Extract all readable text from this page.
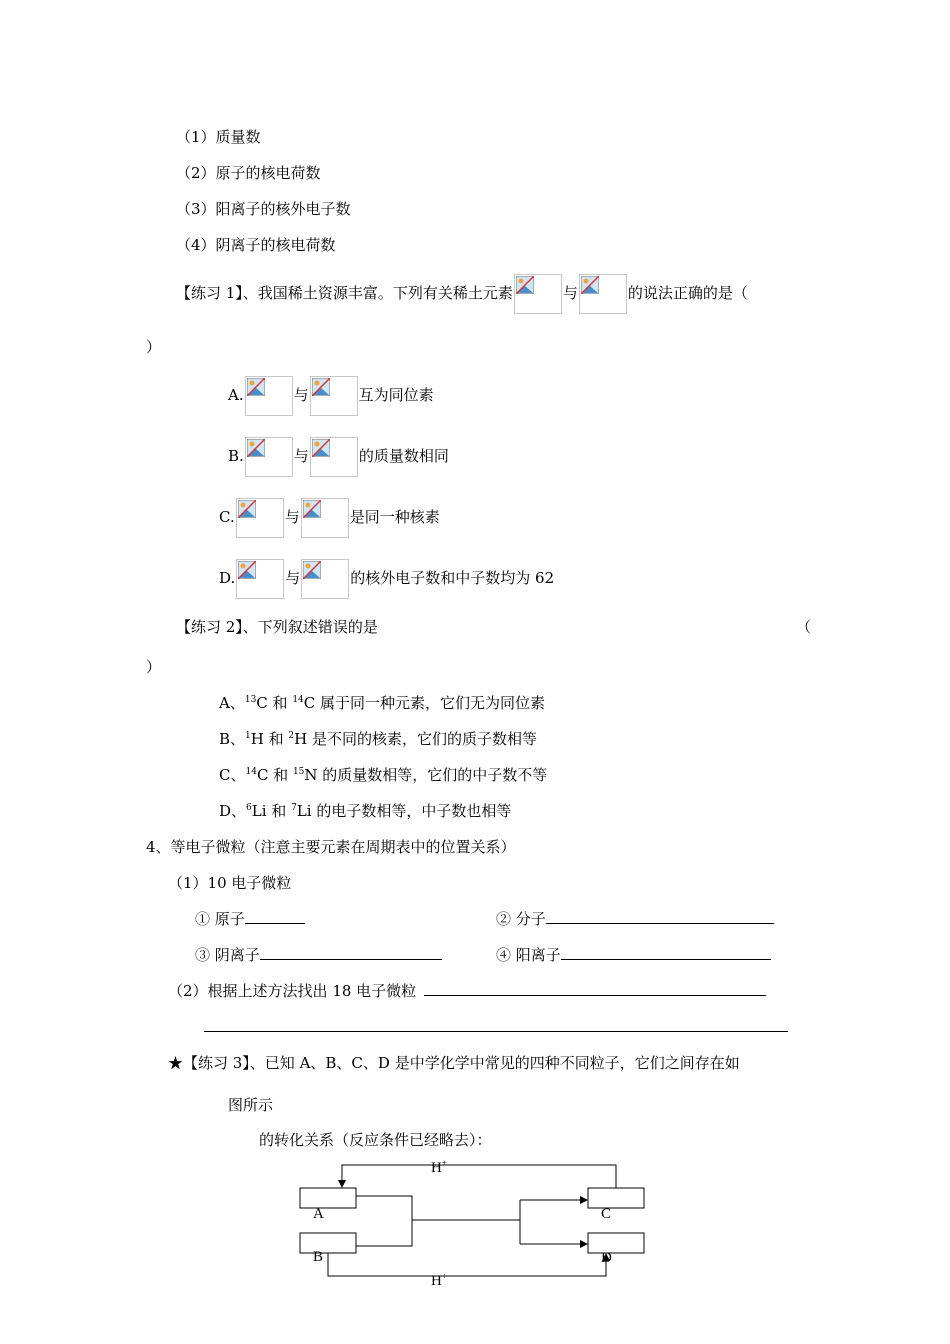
（1）质量数
（2）原子的核电荷数
（3）阳离子的核外电子数
（4）阴离子的核电荷数
【练习 1】、我国稀土资源丰富。下列有关稀土元素	与	的说法正确的是（
）
A.	与	互为同位素
B.	与	的质量数相同
C.	与	是同一种核素
D.	与	的核外电子数和中子数均为 62
【练习 2】、下列叙述错误的是	（
）
A、$^{13}$C 和 $^{14}$C 属于同一种元素，它们无为同位素
B、$^1$H 和 $^2$H 是不同的核素，它们的质子数相等
C、$^{14}$C 和 $^{15}$N 的质量数相等，它们的中子数不等
D、$^6$Li 和 $^7$Li 的电子数相等，中子数也相等
4、等电子微粒（注意主要元素在周期表中的位置关系）
（1）10 电子微粒
① 原子	② 分子
③ 阴离子	④ 阳离子
（2）根据上述方法找出 18 电子微粒
★【练习 3】、已知 A、B、C、D 是中学化学中常见的四种不同粒子，它们之间存在如
图所示
的转化关系（反应条件已经略去）：
A
B
C
D
H+
H+
